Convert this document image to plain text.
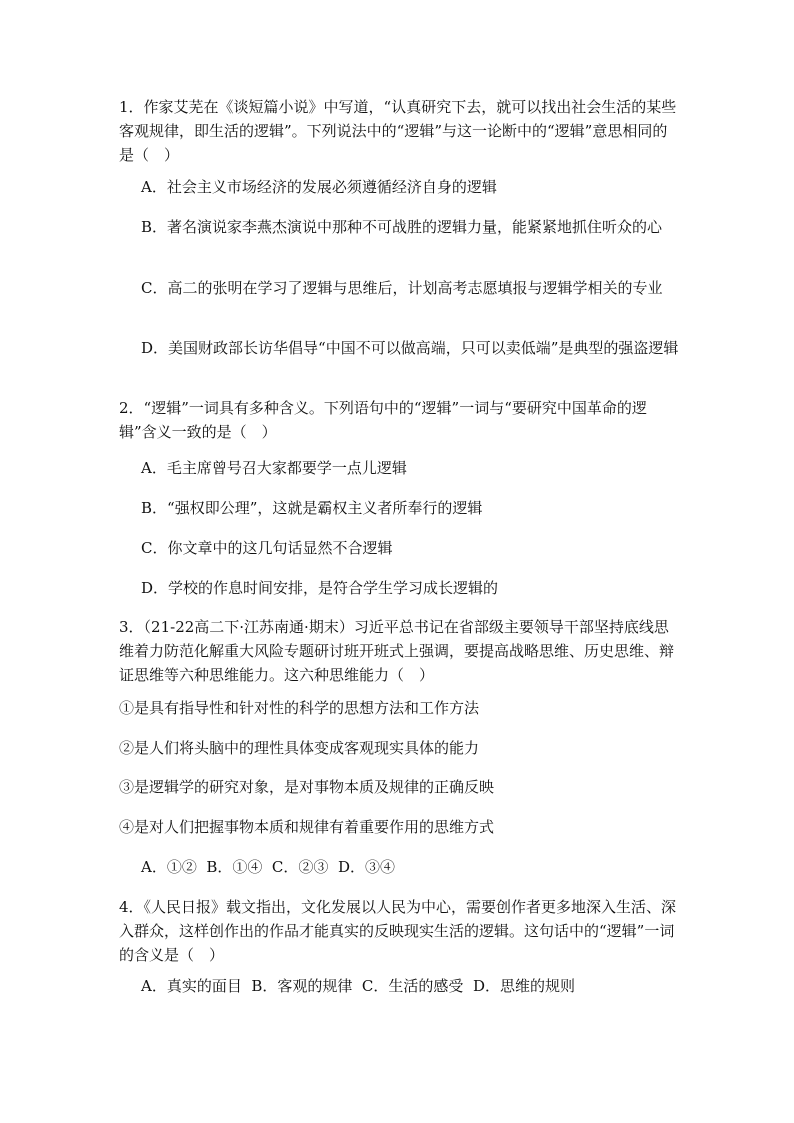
1．作家艾芜在《谈短篇小说》中写道，“认真研究下去，就可以找出社会生活的某些客观规律，即生活的逻辑”。下列说法中的“逻辑”与这一论断中的“逻辑”意思相同的是（　）
A．社会主义市场经济的发展必须遵循经济自身的逻辑
B．著名演说家李燕杰演说中那种不可战胜的逻辑力量，能紧紧地抓住听众的心
C．高二的张明在学习了逻辑与思维后，计划高考志愿填报与逻辑学相关的专业
D．美国财政部长访华倡导“中国不可以做高端，只可以卖低端”是典型的强盗逻辑
2．“逻辑”一词具有多种含义。下列语句中的“逻辑”一词与“要研究中国革命的逻辑”含义一致的是（　）
A．毛主席曾号召大家都要学一点儿逻辑
B．“强权即公理”，这就是霸权主义者所奉行的逻辑
C．你文章中的这几句话显然不合逻辑
D．学校的作息时间安排，是符合学生学习成长逻辑的
3．（21-22高二下·江苏南通·期末）习近平总书记在省部级主要领导干部坚持底线思维着力防范化解重大风险专题研讨班开班式上强调，要提高战略思维、历史思维、辩证思维等六种思维能力。这六种思维能力（　）
①是具有指导性和针对性的科学的思想方法和工作方法
②是人们将头脑中的理性具体变成客观现实具体的能力
③是逻辑学的研究对象，是对事物本质及规律的正确反映
④是对人们把握事物本质和规律有着重要作用的思维方式
A．①②  B．①④  C．②③  D．③④
4．《人民日报》载文指出，文化发展以人民为中心，需要创作者更多地深入生活、深入群众，这样创作出的作品才能真实的反映现实生活的逻辑。这句话中的“逻辑”一词的含义是（　）
A．真实的面目  B．客观的规律  C．生活的感受  D．思维的规则
